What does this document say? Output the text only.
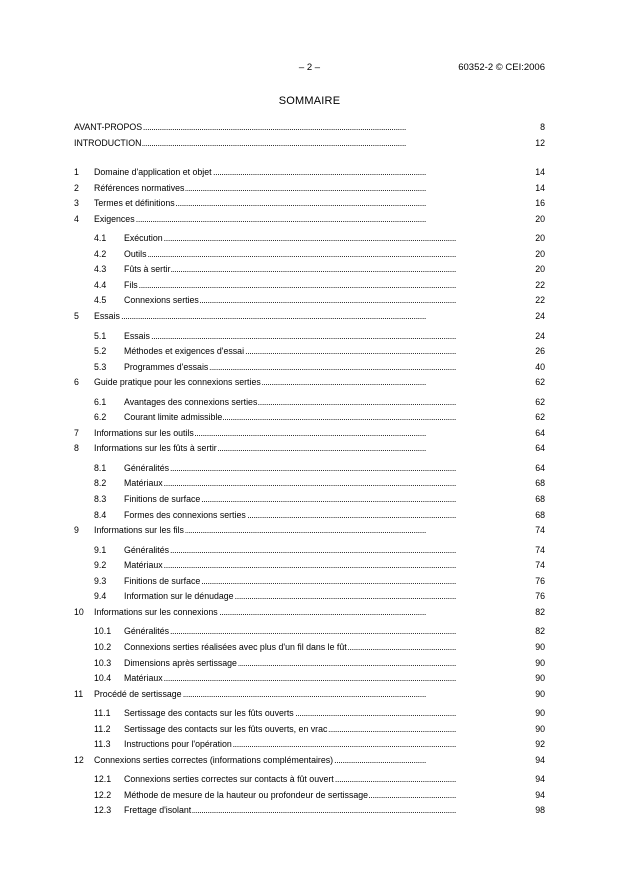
– 2 –	60352-2 © CEI:2006
SOMMAIRE
. . .
AVANT-PROPOS	8
. . .
INTRODUCTION	12
. . .
1 Domaine d'application et objet	14
. . .
2 Références normatives	14
. . .
3 Termes et définitions	16
. . .
4 Exigences	20
. . .
4.1 Exécution	20
. . .
4.2 Outils	20
. . .
4.3 Fûts à sertir	20
. . .
4.4 Fils	22
. . .
4.5 Connexions serties	22
. . .
5 Essais	24
. . .
5.1 Essais	24
. . .
5.2 Méthodes et exigences d'essai	26
. . .
5.3 Programmes d'essais	40
. . .
6 Guide pratique pour les connexions serties	62
. . .
6.1 Avantages des connexions serties	62
. . .
6.2 Courant limite admissible	62
. . .
7 Informations sur les outils	64
. . .
8 Informations sur les fûts à sertir	64
. . .
8.1 Généralités	64
. . .
8.2 Matériaux	68
. . .
8.3 Finitions de surface	68
. . .
8.4 Formes des connexions serties	68
. . .
9 Informations sur les fils	74
. . .
9.1 Généralités	74
. . .
9.2 Matériaux	74
. . .
9.3 Finitions de surface	76
. . .
9.4 Information sur le dénudage	76
. . .
10 Informations sur les connexions	82
. . .
10.1 Généralités	82
. . .
10.2 Connexions serties réalisées avec plus d'un fil dans le fût	90
. . .
10.3 Dimensions après sertissage	90
. . .
10.4 Matériaux	90
. . .
11 Procédé de sertissage	90
. . .
11.1 Sertissage des contacts sur les fûts ouverts	90
. . .
11.2 Sertissage des contacts sur les fûts ouverts, en vrac	90
. . .
11.3 Instructions pour l'opération	92
. . .
12 Connexions serties correctes (informations complémentaires)	94
. . .
12.1 Connexions serties correctes sur contacts à fût ouvert	94
. . .
12.2 Méthode de mesure de la hauteur ou profondeur de sertissage	94
. . .
12.3 Frettage d'isolant	98
